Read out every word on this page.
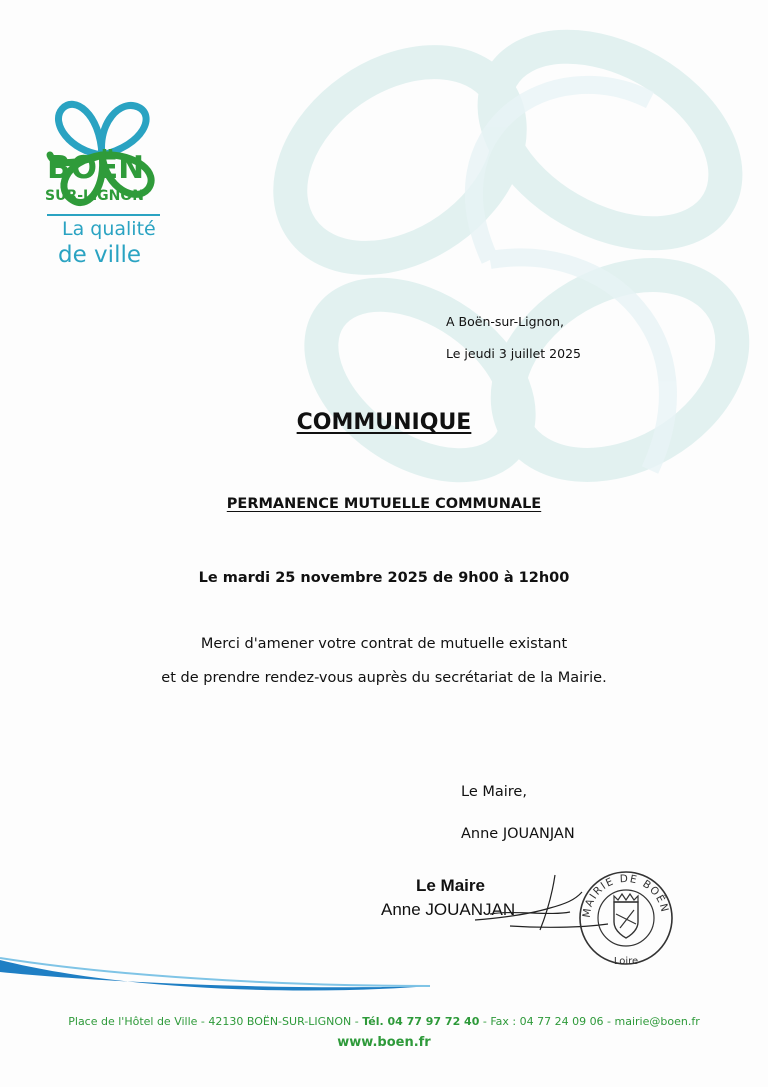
BOËN
SUR-LIGNON
La qualité
de ville
A Boën-sur-Lignon,
Le jeudi 3 juillet 2025
COMMUNIQUE
PERMANENCE MUTUELLE COMMUNALE
Le mardi 25 novembre 2025 de 9h00 à 12h00
Merci d'amener votre contrat de mutuelle existant
et de prendre rendez-vous auprès du secrétariat de la Mairie.
Le Maire,
Anne JOUANJAN
Le Maire
Anne JOUANJAN	MAIRIE DE BOËN
Loire
Place de l'Hôtel de Ville - 42130 BOËN-SUR-LIGNON - Tél. 04 77 97 72 40 - Fax : 04 77 24 09 06 - mairie@boen.fr
www.boen.fr
